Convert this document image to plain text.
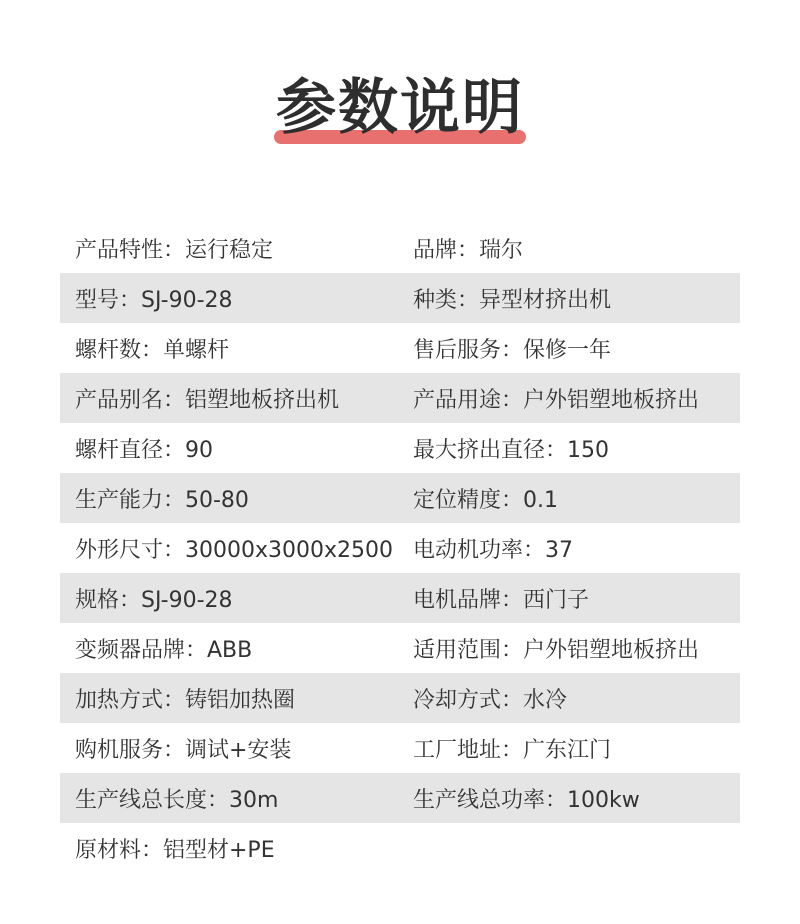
参数说明
产品特性：运行稳定	品牌：瑞尔
型号：SJ-90-28	种类：异型材挤出机
螺杆数：单螺杆	售后服务：保修一年
产品别名：铝塑地板挤出机	产品用途：户外铝塑地板挤出
螺杆直径：90	最大挤出直径：150
生产能力：50-80	定位精度：0.1
外形尺寸：30000x3000x2500 电动机功率：37
规格：SJ-90-28	电机品牌：西门子
变频器品牌：ABB	适用范围：户外铝塑地板挤出
加热方式：铸铝加热圈	冷却方式：水冷
购机服务：调试+安装	工厂地址：广东江门
生产线总长度：30m	生产线总功率：100kw
原材料：铝型材+PE
